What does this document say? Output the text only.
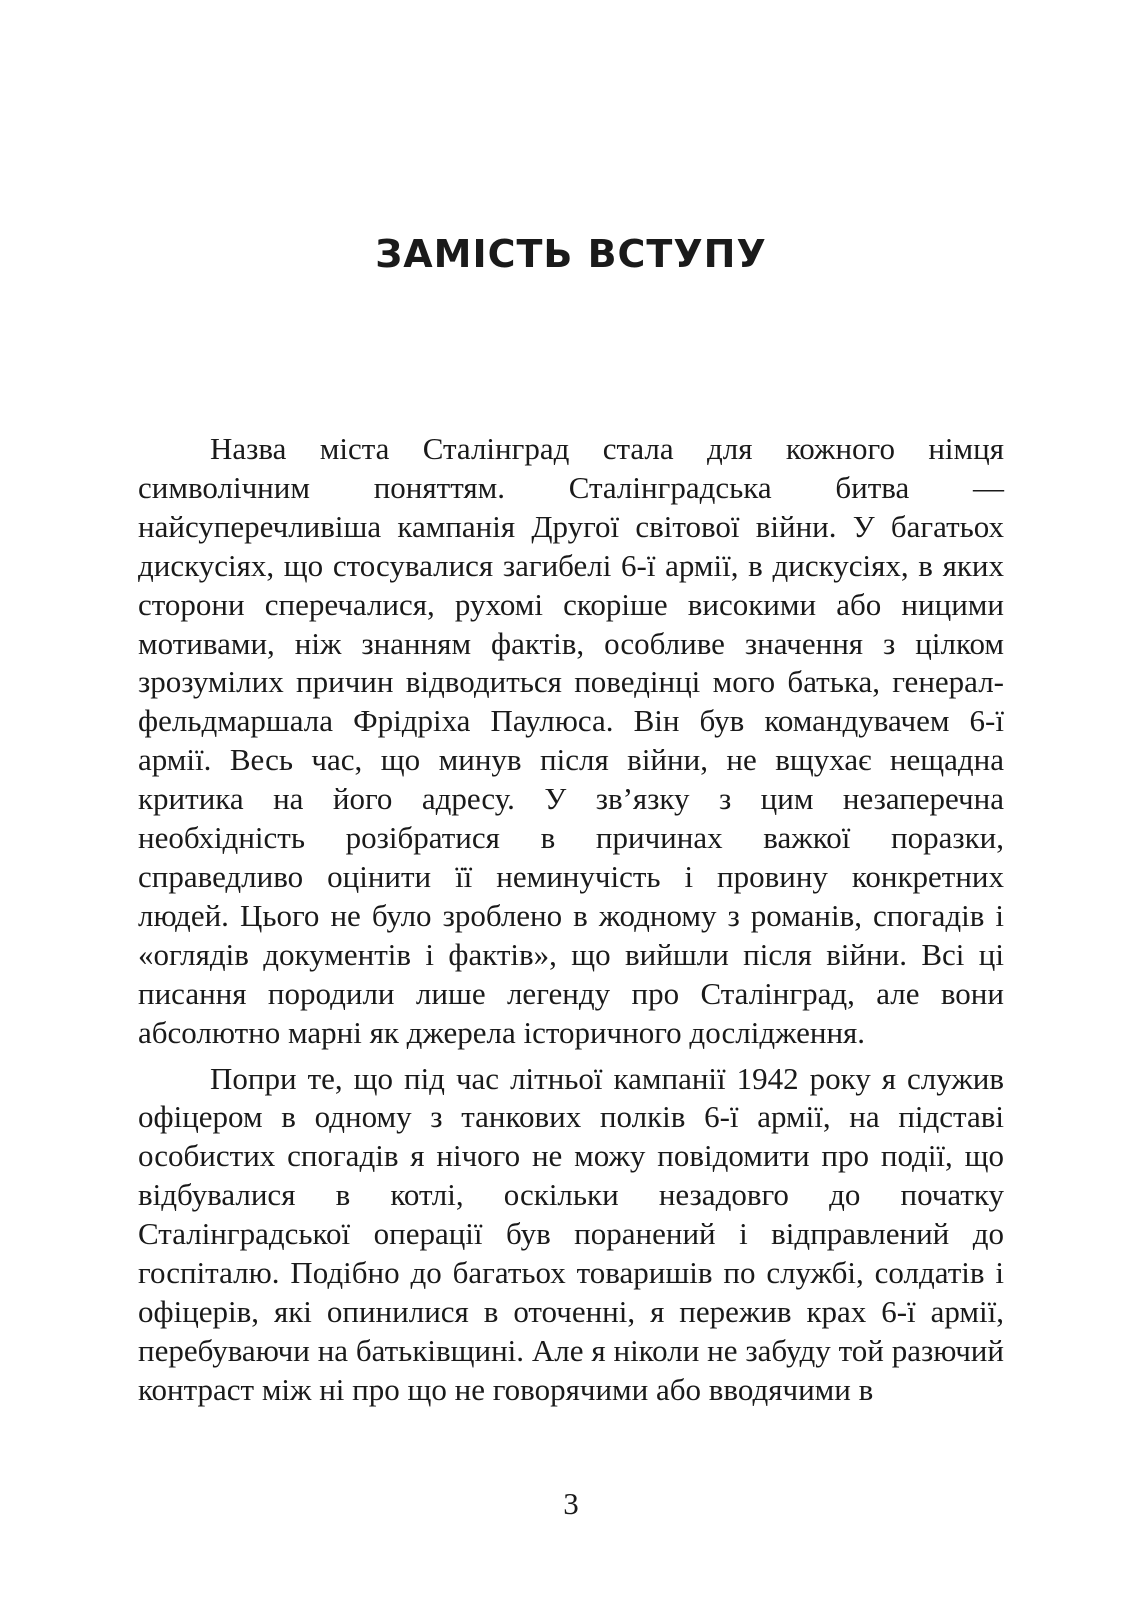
ЗАМІСТЬ ВСТУПУ

Назва міста Сталінград стала для кожного німця символічним поняттям. Сталінградська битва — найсуперечливіша кампанія Другої світової війни. У багатьох дискусіях, що стосувалися загибелі 6-ї армії, в дискусіях, в яких сторони сперечалися, рухомі скоріше високими або ницими мотивами, ніж знанням фактів, особливе значення з цілком зрозумілих причин відводиться поведінці мого батька, генерал-фельдмаршала Фрідріха Паулюса. Він був командувачем 6-ї армії. Весь час, що минув після війни, не вщухає нещадна критика на його адресу. У зв’язку з цим незаперечна необхідність розібратися в причинах важкої поразки, справедливо оцінити її неминучість і провину конкретних людей. Цього не було зроблено в жодному з романів, спогадів і «оглядів документів і фактів», що вийшли після війни. Всі ці писання породили лише легенду про Сталінград, але вони абсолютно марні як джерела історичного дослідження.

Попри те, що під час літньої кампанії 1942 року я служив офіцером в одному з танкових полків 6-ї армії, на підставі особистих спогадів я нічого не можу повідомити про події, що відбувалися в котлі, оскільки незадовго до початку Сталінградської операції був поранений і відправлений до госпіталю. Подібно до багатьох товаришів по службі, солдатів і офіцерів, які опинилися в оточенні, я пережив крах 6-ї армії, перебуваючи на батьківщині. Але я ніколи не забуду той разючий контраст між ні про що не говорячими або вводячими в

3
